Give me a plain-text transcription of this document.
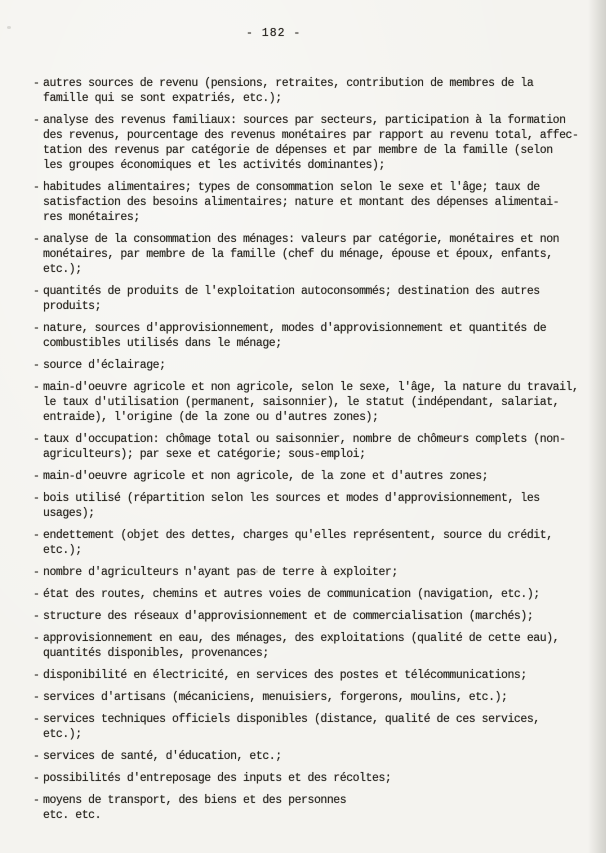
- 182 -
- autres sources de revenu (pensions, retraites, contribution de membres de la
famille qui se sont expatriés, etc.);
- analyse des revenus familiaux: sources par secteurs, participation à la formation
des revenus, pourcentage des revenus monétaires par rapport au revenu total, affec-
tation des revenus par catégorie de dépenses et par membre de la famille (selon
les groupes économiques et les activités dominantes);
- habitudes alimentaires; types de consommation selon le sexe et l'âge; taux de
satisfaction des besoins alimentaires; nature et montant des dépenses alimentai-
res monétaires;
- analyse de la consommation des ménages: valeurs par catégorie, monétaires et non
monétaires, par membre de la famille (chef du ménage, épouse et époux, enfants,
etc.);
- quantités de produits de l'exploitation autoconsommés; destination des autres
produits;
- nature, sources d'approvisionnement, modes d'approvisionnement et quantités de
combustibles utilisés dans le ménage;
- source d'éclairage;
- main-d'oeuvre agricole et non agricole, selon le sexe, l'âge, la nature du travail,
le taux d'utilisation (permanent, saisonnier), le statut (indépendant, salariat,
entraide), l'origine (de la zone ou d'autres zones);
- taux d'occupation: chômage total ou saisonnier, nombre de chômeurs complets (non-
agriculteurs); par sexe et catégorie; sous-emploi;
- main-d'oeuvre agricole et non agricole, de la zone et d'autres zones;
- bois utilisé (répartition selon les sources et modes d'approvisionnement, les
usages);
- endettement (objet des dettes, charges qu'elles représentent, source du crédit,
etc.);
- nombre d'agriculteurs n'ayant pas de terre à exploiter;
- état des routes, chemins et autres voies de communication (navigation, etc.);
- structure des réseaux d'approvisionnement et de commercialisation (marchés);
- approvisionnement en eau, des ménages, des exploitations (qualité de cette eau),
quantités disponibles, provenances;
- disponibilité en électricité, en services des postes et télécommunications;
- services d'artisans (mécaniciens, menuisiers, forgerons, moulins, etc.);
- services techniques officiels disponibles (distance, qualité de ces services,
etc.);
- services de santé, d'éducation, etc.;
- possibilités d'entreposage des inputs et des récoltes;
- moyens de transport, des biens et des personnes
etc. etc.
